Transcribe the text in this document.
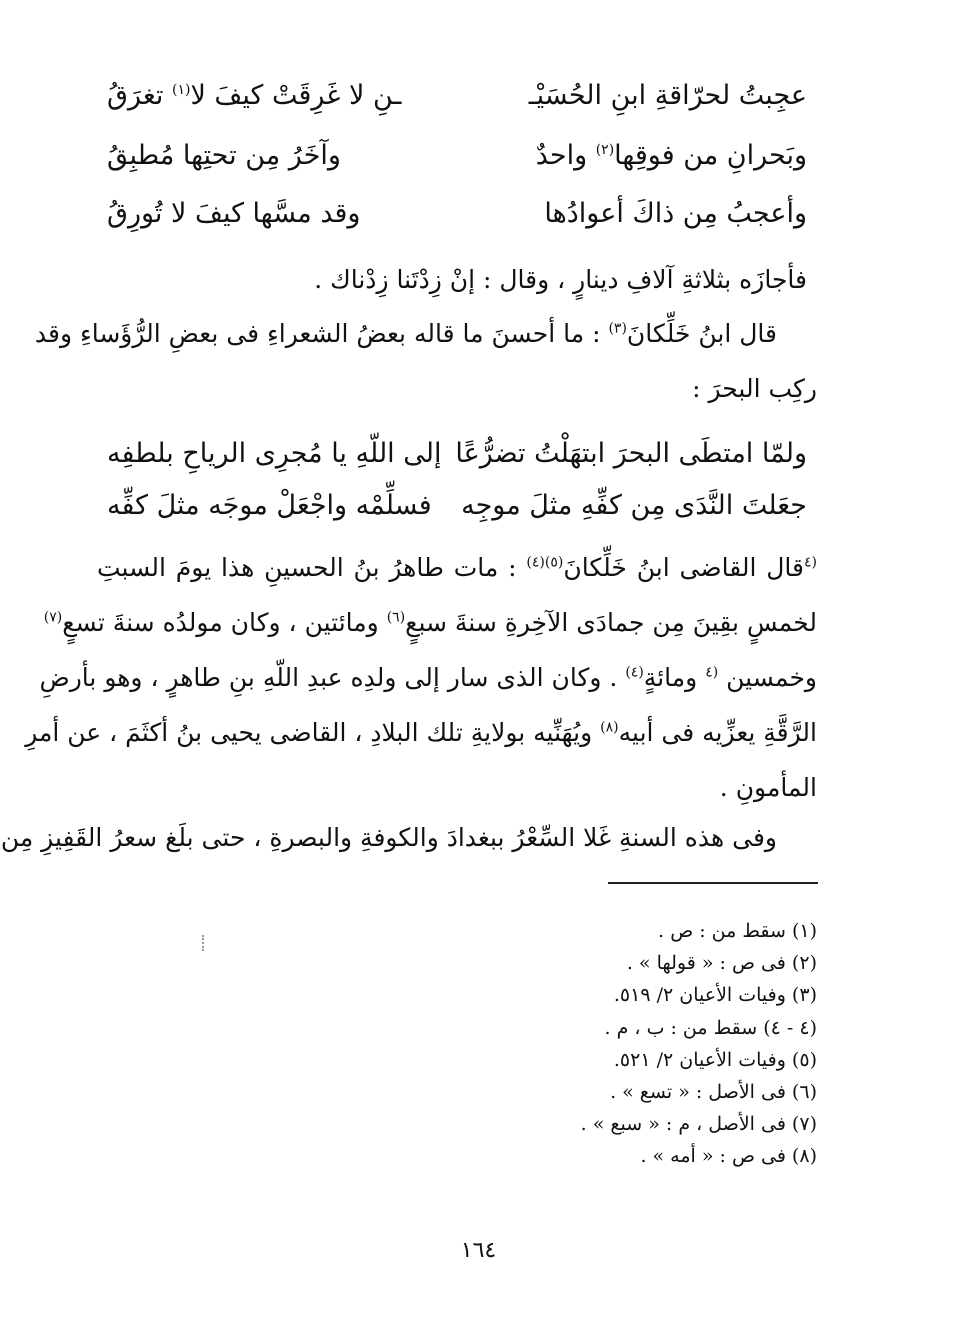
عجِبتُ لحرّاقةِ ابنِ الحُسَيْـ
ـنِ لا غَرِقَتْ كيفَ لا$^{(١)}$ تغرَقُ
وبَحرانِ من فوقِها$^{(٢)}$ واحدٌ
وآخَرُ مِن تحتِها مُطبِقُ
وأعجبُ مِن ذاكَ أعوادُها
وقد مسَّها كيفَ لا تُورِقُ
فأجازَه بثلاثةِ آلافِ دينارٍ ، وقال : إنْ زِدْتَنا زِدْناك .
قال ابنُ خَلِّكانَ$^{(٣)}$ : ما أحسنَ ما قاله بعضُ الشعراءِ فى بعضِ الرُّؤَساءِ وقد
ركِب البحرَ :
ولمّا امتطَى البحرَ ابتهَلْتُ تضرُّعًا
إلى اللّهِ يا مُجرِى الرياحِ بلطفِه
جعَلتَ النَّدَى مِن كفِّهِ مثلَ موجِه
فسلِّمْه واجْعَلْ موجَه مثلَ كفِّه
$^{(٤}$قال القاضى ابنُ خَلِّكانَ$^{(٥)(٤)}$ : مات طاهرُ بنُ الحسينِ هذا يومَ السبتِ
لخمسٍ بقِينَ مِن جمادَى الآخِرةِ سنةَ سبعٍ$^{(٦)}$ ومائتين ، وكان مولدُه سنةَ تسعٍ$^{(٧)}$
وخمسين $^{(٤}$ ومائةٍ$^{(٤)}$ . وكان الذى سار إلى ولدِه عبدِ اللّهِ بنِ طاهرٍ ، وهو بأرضِ
الرَّقَّةِ يعزِّيه فى أبيه$^{(٨)}$ ويُهَنِّيه بولايةِ تلك البلادِ ، القاضى يحيى بنُ أكثَمَ ، عن أمرِ
المأمونِ .
وفى هذه السنةِ غَلا السِّعْرُ ببغدادَ والكوفةِ والبصرةِ ، حتى بلَغ سعرُ القَفِيزِ مِن
(١) سقط من : ص .
(٢) فى ص : « قولها » .
(٣) وفيات الأعيان ٢/ ٥١٩.
(٤ - ٤) سقط من : ب ، م .
(٥) وفيات الأعيان ٢/ ٥٢١.
(٦) فى الأصل : « تسع » .
(٧) فى الأصل ، م : « سبع » .
(٨) فى ص : « أمه » .
١٦٤
